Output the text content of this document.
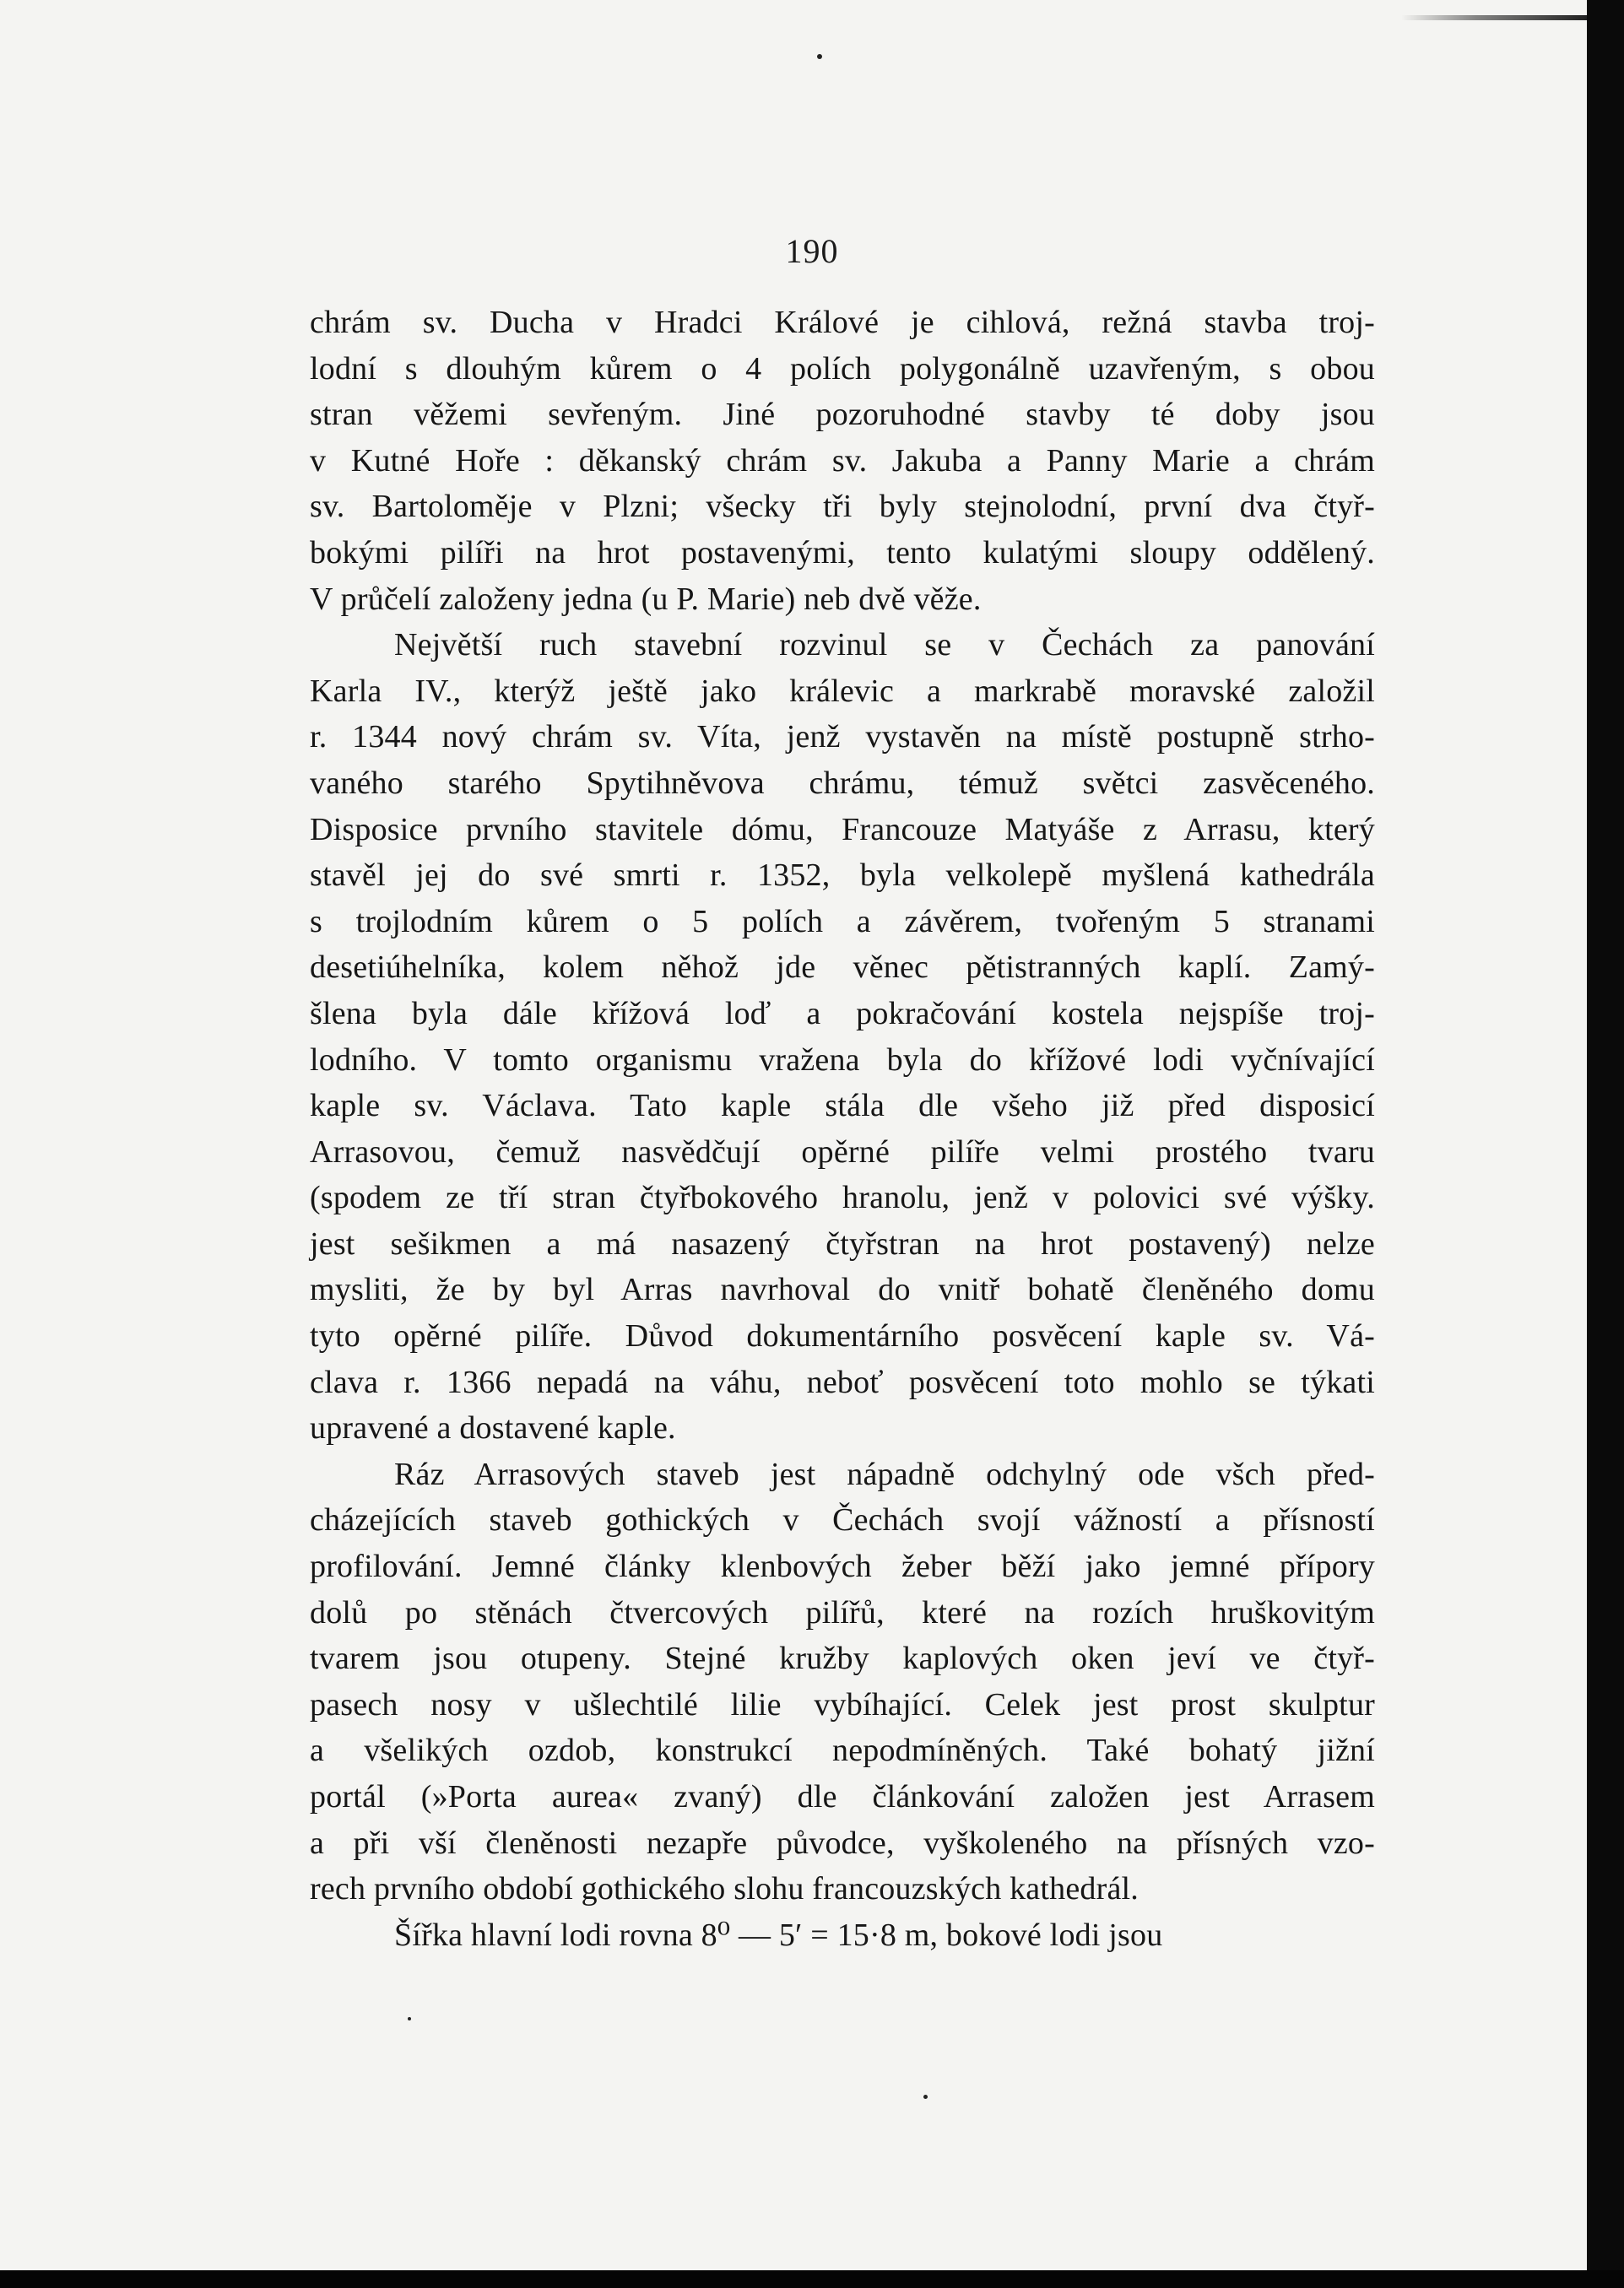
190
chrám sv. Ducha v Hradci Králové je cihlová, režná stavba troj-
lodní s dlouhým kůrem o 4 polích polygonálně uzavřeným, s obou
stran věžemi sevřeným. Jiné pozoruhodné stavby té doby jsou
v Kutné Hoře : děkanský chrám sv. Jakuba a Panny Marie a chrám
sv. Bartoloměje v Plzni; všecky tři byly stejnolodní, první dva čtyř-
bokými pilíři na hrot postavenými, tento kulatými sloupy oddělený.
V průčelí založeny jedna (u P. Marie) neb dvě věže.
Největší ruch stavební rozvinul se v Čechách za panování
Karla IV., kterýž ještě jako králevic a markrabě moravské založil
r. 1344 nový chrám sv. Víta, jenž vystavěn na místě postupně strho-
vaného starého Spytihněvova chrámu, témuž světci zasvěceného.
Disposice prvního stavitele dómu, Francouze Matyáše z Arrasu, který
stavěl jej do své smrti r. 1352, byla velkolepě myšlená kathedrála
s trojlodním kůrem o 5 polích a závěrem, tvořeným 5 stranami
desetiúhelníka, kolem něhož jde věnec pětistranných kaplí. Zamý-
šlena byla dále křížová loď a pokračování kostela nejspíše troj-
lodního. V tomto organismu vražena byla do křížové lodi vyčnívající
kaple sv. Václava. Tato kaple stála dle všeho již před disposicí
Arrasovou, čemuž nasvědčují opěrné pilíře velmi prostého tvaru
(spodem ze tří stran čtyřbokového hranolu, jenž v polovici své výšky.
jest sešikmen a má nasazený čtyřstran na hrot postavený) nelze
mysliti, že by byl Arras navrhoval do vnitř bohatě členěného domu
tyto opěrné pilíře. Důvod dokumentárního posvěcení kaple sv. Vá-
clava r. 1366 nepadá na váhu, neboť posvěcení toto mohlo se týkati
upravené a dostavené kaple.
Ráz Arrasových staveb jest nápadně odchylný ode všch před-
cházejících staveb gothických v Čechách svojí vážností a přísností
profilování. Jemné články klenbových žeber běží jako jemné přípory
dolů po stěnách čtvercových pilířů, které na rozích hruškovitým
tvarem jsou otupeny. Stejné kružby kaplových oken jeví ve čtyř-
pasech nosy v ušlechtilé lilie vybíhající. Celek jest prost skulptur
a všelikých ozdob, konstrukcí nepodmíněných. Také bohatý jižní
portál (»Porta aurea« zvaný) dle článkování založen jest Arrasem
a při vší členěnosti nezapře původce, vyškoleného na přísných vzo-
rech prvního období gothického slohu francouzských kathedrál.
Šířka hlavní lodi rovna 8⁰ — 5′ = 15·8 m, bokové lodi jsou
